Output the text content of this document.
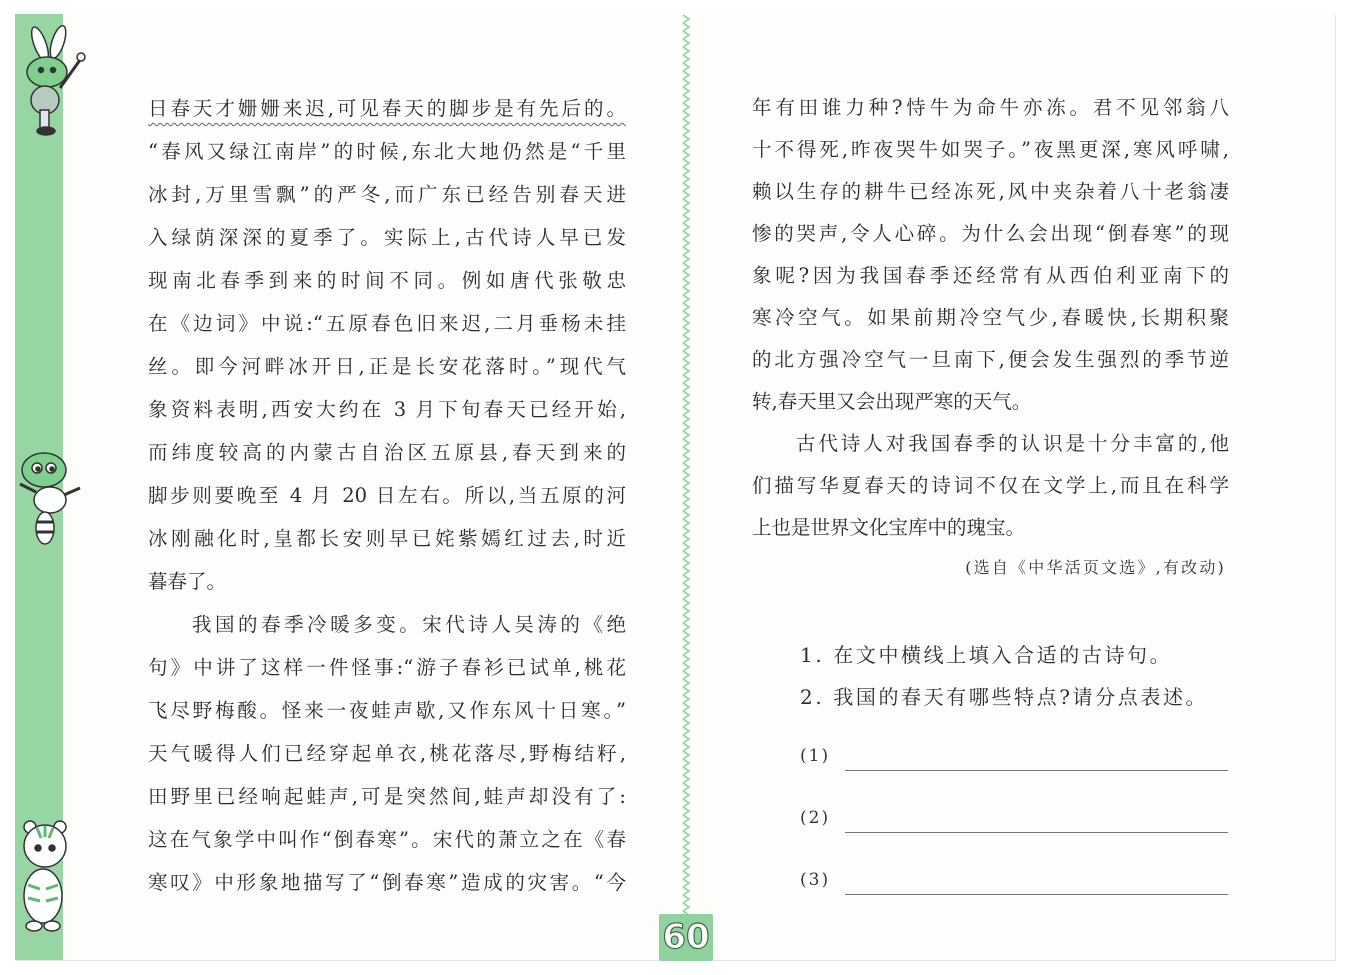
日春天才姗姗来迟,可见春天的脚步是有先后的。
“春风又绿江南岸”的时候,东北大地仍然是“千里
冰封,万里雪飘”的严冬,而广东已经告别春天进
入绿荫深深的夏季了。实际上,古代诗人早已发
现南北春季到来的时间不同。例如唐代张敬忠
在《边词》中说:“五原春色旧来迟,二月垂杨未挂
丝。即今河畔冰开日,正是长安花落时。”现代气
象资料表明,西安大约在 3 月下旬春天已经开始,
而纬度较高的内蒙古自治区五原县,春天到来的
脚步则要晚至 4 月 20 日左右。所以,当五原的河
冰刚融化时,皇都长安则早已姹紫嫣红过去,时近
暮春了。
我国的春季冷暖多变。宋代诗人吴涛的《绝
句》中讲了这样一件怪事:“游子春衫已试单,桃花
飞尽野梅酸。怪来一夜蛙声歇,又作东风十日寒。”
天气暖得人们已经穿起单衣,桃花落尽,野梅结籽,
田野里已经响起蛙声,可是突然间,蛙声却没有了:
这在气象学中叫作“倒春寒”。宋代的萧立之在《春
寒叹》中形象地描写了“倒春寒”造成的灾害。“今
年有田谁力种?恃牛为命牛亦冻。君不见邻翁八
十不得死,昨夜哭牛如哭子。”夜黑更深,寒风呼啸,
赖以生存的耕牛已经冻死,风中夹杂着八十老翁凄
惨的哭声,令人心碎。为什么会出现“倒春寒”的现
象呢?因为我国春季还经常有从西伯利亚南下的
寒冷空气。如果前期冷空气少,春暖快,长期积聚
的北方强冷空气一旦南下,便会发生强烈的季节逆
转,春天里又会出现严寒的天气。
古代诗人对我国春季的认识是十分丰富的,他
们描写华夏春天的诗词不仅在文学上,而且在科学
上也是世界文化宝库中的瑰宝。
(选自《中华活页文选》,有改动)
1. 在文中横线上填入合适的古诗句。
2. 我国的春天有哪些特点?请分点表述。
(1)
(2)
(3)
60
